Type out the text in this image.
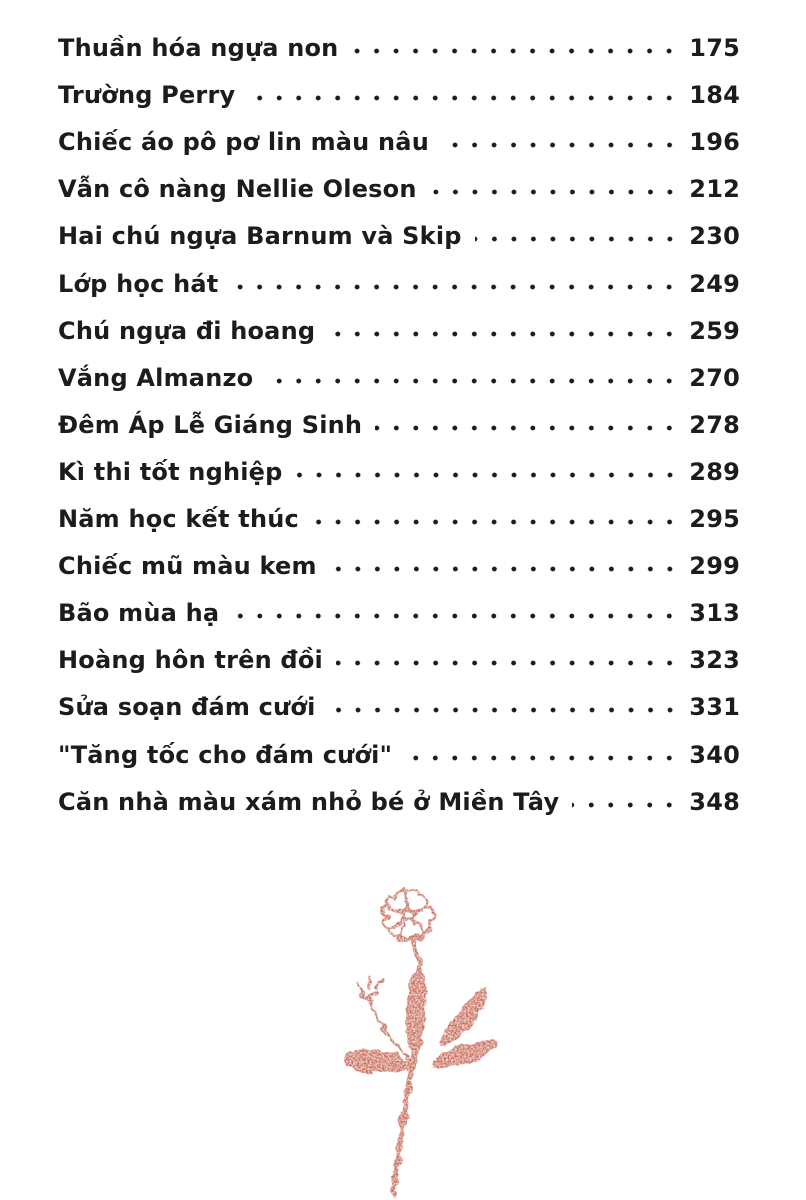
Thuần hóa ngựa non	175
Trường Perry	184
Chiếc áo pô pơ lin màu nâu	196
Vẫn cô nàng Nellie Oleson	212
Hai chú ngựa Barnum và Skip	230
Lớp học hát	249
Chú ngựa đi hoang	259
Vắng Almanzo	270
Đêm Áp Lễ Giáng Sinh	278
Kì thi tốt nghiệp	289
Năm học kết thúc	295
Chiếc mũ màu kem	299
Bão mùa hạ	313
Hoàng hôn trên đồi	323
Sửa soạn đám cưới	331
"Tăng tốc cho đám cưới"	340
Căn nhà màu xám nhỏ bé ở Miền Tây	348
